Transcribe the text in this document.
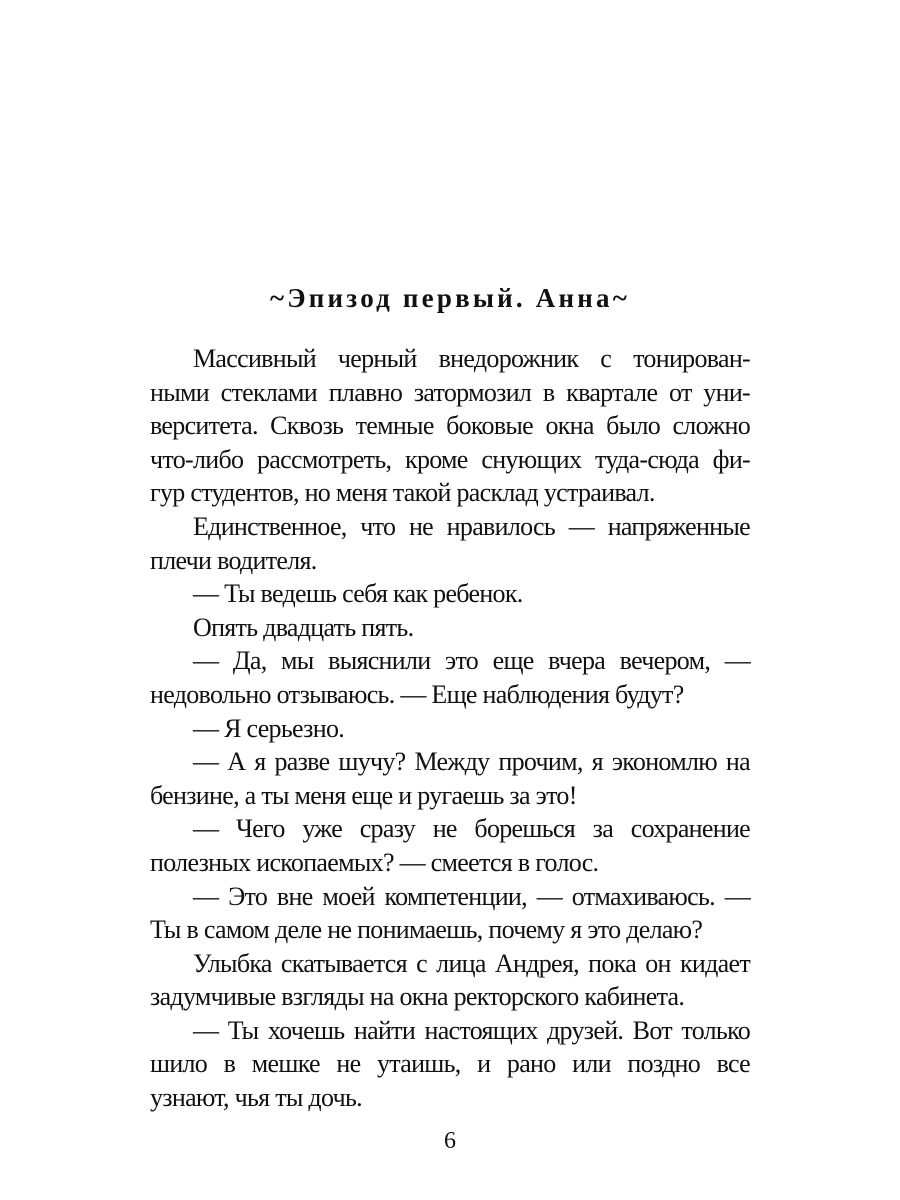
~Эпизод первый. Анна~
Массивный черный внедорожник с тонирован-
ными стеклами плавно затормозил в квартале от уни-
верситета. Сквозь темные боковые окна было сложно
что-либо рассмотреть, кроме снующих туда-сюда фи-
гур студентов, но меня такой расклад устраивал.
Единственное, что не нравилось — напряженные
плечи водителя.
— Ты ведешь себя как ребенок.
Опять двадцать пять.
— Да, мы выяснили это еще вчера вечером, —
недовольно отзываюсь. — Еще наблюдения будут?
— Я серьезно.
— А я разве шучу? Между прочим, я экономлю на
бензине, а ты меня еще и ругаешь за это!
— Чего уже сразу не борешься за сохранение
полезных ископаемых? — смеется в голос.
— Это вне моей компетенции, — отмахиваюсь. —
Ты в самом деле не понимаешь, почему я это делаю?
Улыбка скатывается с лица Андрея, пока он кидает
задумчивые взгляды на окна ректорского кабинета.
— Ты хочешь найти настоящих друзей. Вот только
шило в мешке не утаишь, и рано или поздно все
узнают, чья ты дочь.
6
